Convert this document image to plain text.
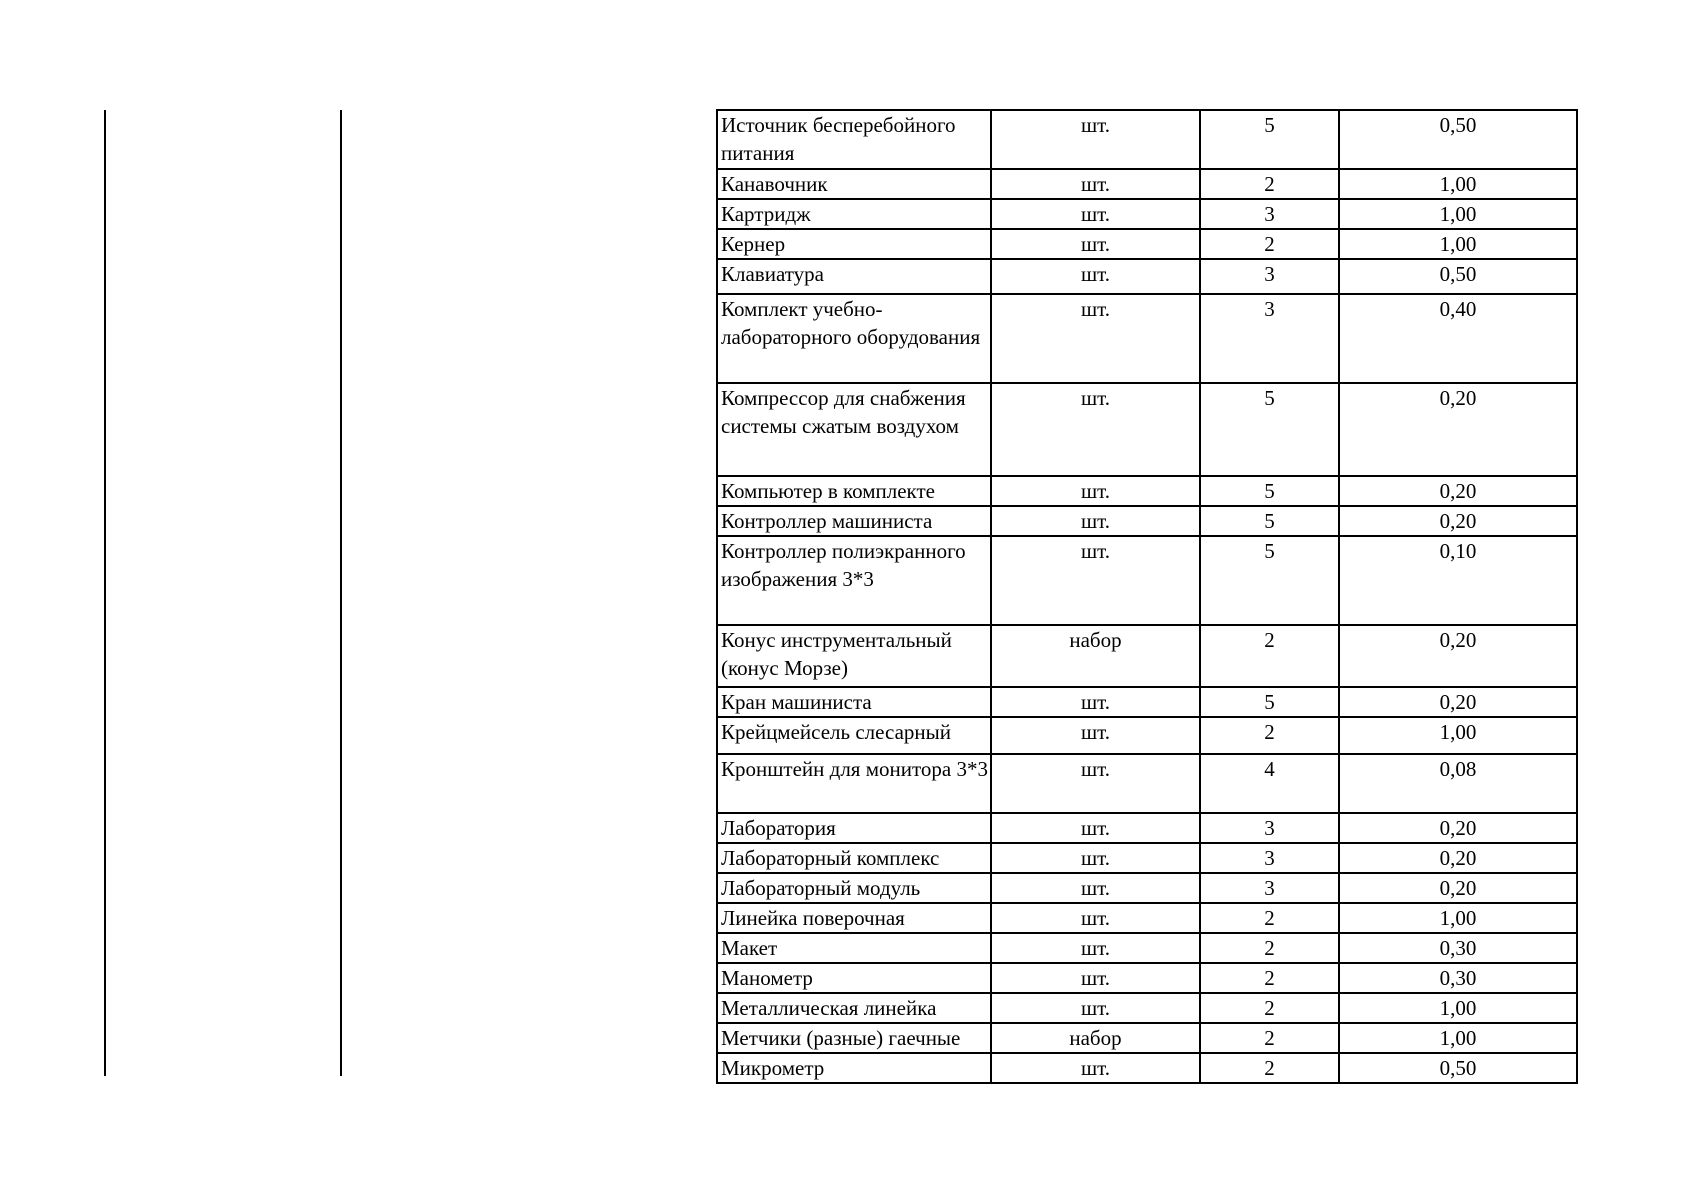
Источник бесперебойного питания	шт.	5	0,50
Канавочник	шт.	2	1,00
Картридж	шт.	3	1,00
Кернер	шт.	2	1,00
Клавиатура	шт.	3	0,50
Комплект учебно-лабораторного оборудования	шт.	3	0,40
Компрессор для снабжения системы сжатым воздухом	шт.	5	0,20
Компьютер в комплекте	шт.	5	0,20
Контроллер машиниста	шт.	5	0,20
Контроллер полиэкранного изображения 3*3	шт.	5	0,10
Конус инструментальный (конус Морзе)	набор	2	0,20
Кран машиниста	шт.	5	0,20
Крейцмейсель слесарный	шт.	2	1,00
Кронштейн для монитора 3*3	шт.	4	0,08
Лаборатория	шт.	3	0,20
Лабораторный комплекс	шт.	3	0,20
Лабораторный модуль	шт.	3	0,20
Линейка поверочная	шт.	2	1,00
Макет	шт.	2	0,30
Манометр	шт.	2	0,30
Металлическая линейка	шт.	2	1,00
Метчики (разные) гаечные	набор	2	1,00
Микрометр	шт.	2	0,50
